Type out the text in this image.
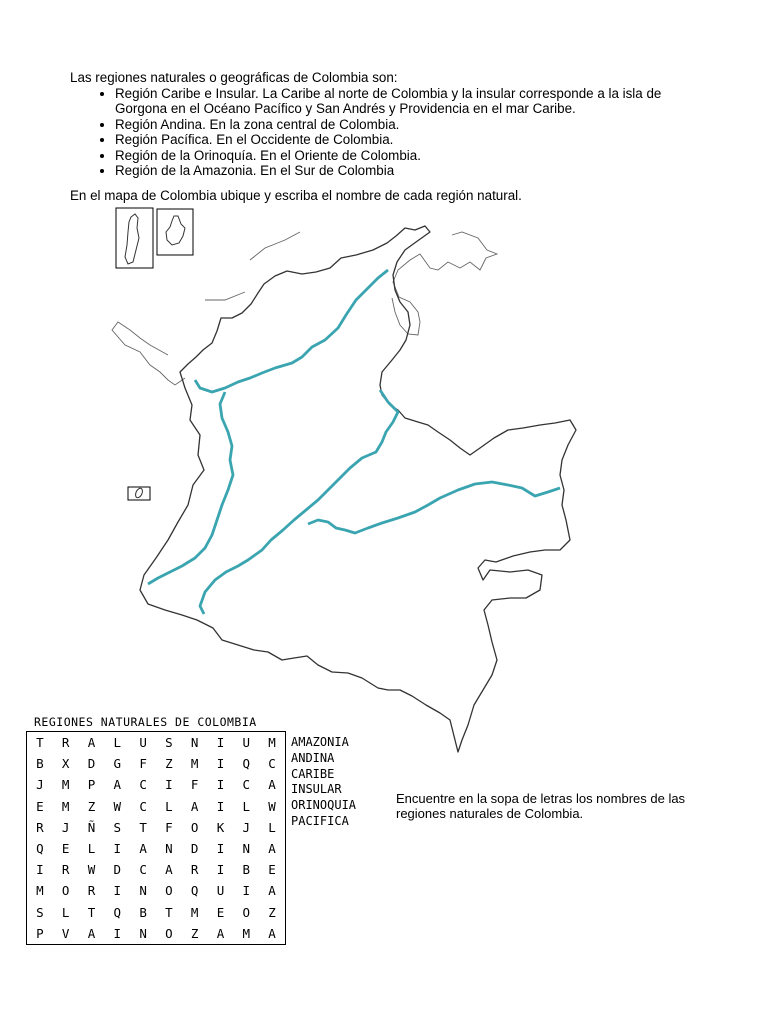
Las regiones naturales o geográficas de Colombia son:
• Región Caribe e Insular. La Caribe al norte de Colombia y la insular corresponde a la isla de Gorgona en el Océano Pacífico y San Andrés y Providencia en el mar Caribe.
• Región Andina. En la zona central de Colombia.
• Región Pacífica. En el Occidente de Colombia.
• Región de la Orinoquía. En el Oriente de Colombia.
• Región de la Amazonia. En el Sur de Colombia
En el mapa de Colombia ubique y escriba el nombre de cada región natural.
REGIONES NATURALES DE COLOMBIA
T	R	A	L	U	S	N	I	U	M
B	X	D	G	F	Z	M	I	Q	C
J	M	P	A	C	I	F	I	C	A
E	M	Z	W	C	L	A	I	L	W
R	J	Ñ	S	T	F	O	K	J	L
Q	E	L	I	A	N	D	I	N	A
I	R	W	D	C	A	R	I	B	E
M	O	R	I	N	O	Q	U	I	A
S	L	T	Q	B	T	M	E	O	Z
P	V	A	I	N	O	Z	A	M	A
AMAZONIA
ANDINA
CARIBE
INSULAR
ORINOQUIA
PACIFICA
Encuentre en la sopa de letras los nombres de las regiones naturales de Colombia.
